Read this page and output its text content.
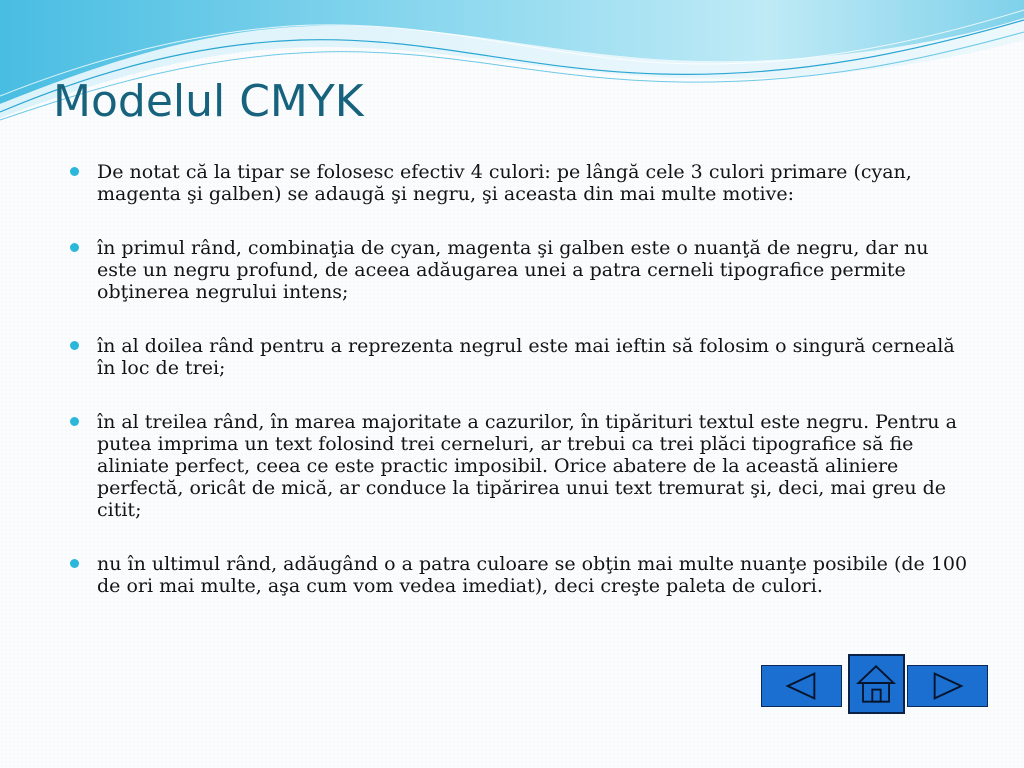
Modelul CMYK
De notat că la tipar se folosesc efectiv 4 culori: pe lângă cele 3 culori primare (cyan, magenta şi galben) se adaugă şi negru, şi aceasta din mai multe motive:
în primul rând, combinaţia de cyan, magenta şi galben este o nuanţă de negru, dar nu este un negru profund, de aceea adăugarea unei a patra cerneli tipografice permite obţinerea negrului intens;
în al doilea rând pentru a reprezenta negrul este mai ieftin să folosim o singură cerneală în loc de trei;
în al treilea rând, în marea majoritate a cazurilor, în tipărituri textul este negru. Pentru a putea imprima un text folosind trei cerneluri, ar trebui ca trei plăci tipografice să fie aliniate perfect, ceea ce este practic imposibil. Orice abatere de la această aliniere perfectă, oricât de mică, ar conduce la tipărirea unui text tremurat şi, deci, mai greu de citit;
nu în ultimul rând, adăugând o a patra culoare se obţin mai multe nuanţe posibile (de 100 de ori mai multe, aşa cum vom vedea imediat), deci creşte paleta de culori.
